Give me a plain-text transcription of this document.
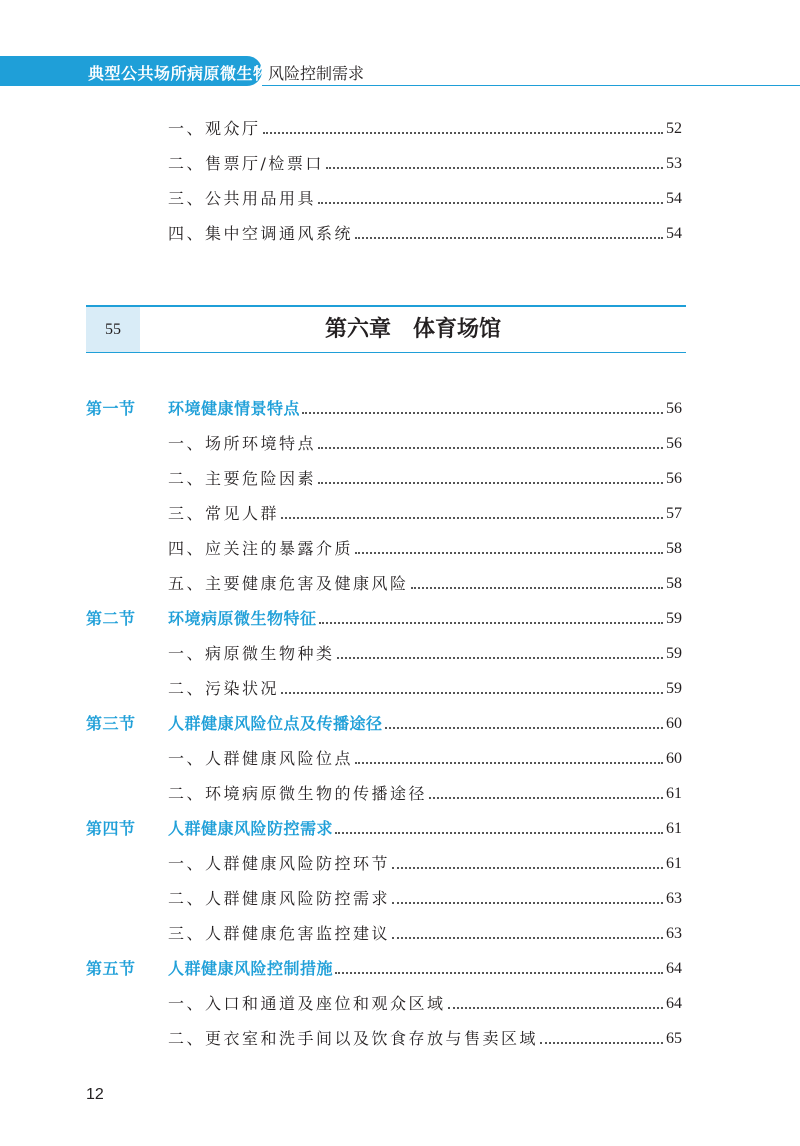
典型公共场所病原微生物
风险控制需求
一、观众厅	52
二、售票厅/检票口	53
三、公共用品用具	54
四、集中空调通风系统	54
55	第六章　体育场馆
第一节 环境健康情景特点	56
一、场所环境特点	56
二、主要危险因素	56
三、常见人群	57
四、应关注的暴露介质	58
五、主要健康危害及健康风险	58
第二节 环境病原微生物特征	59
一、病原微生物种类	59
二、污染状况	59
第三节 人群健康风险位点及传播途径	60
一、人群健康风险位点	60
二、环境病原微生物的传播途径	61
第四节 人群健康风险防控需求	61
一、人群健康风险防控环节	61
二、人群健康风险防控需求	63
三、人群健康危害监控建议	63
第五节 人群健康风险控制措施	64
一、入口和通道及座位和观众区域	64
二、更衣室和洗手间以及饮食存放与售卖区域	65
12
